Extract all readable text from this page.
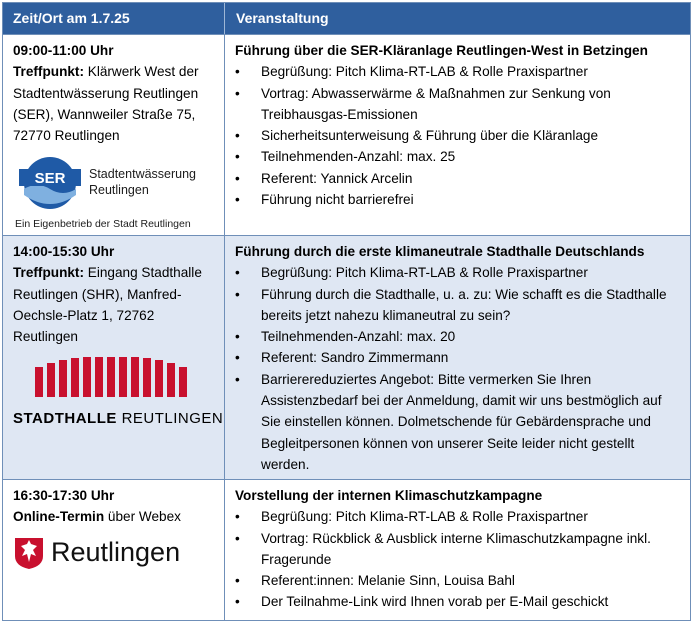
Zeit/Ort am 1.7.25	Veranstaltung
09:00-11:00 Uhr
Treffpunkt: Klärwerk West der Stadtentwässerung Reutlingen (SER), Wannweiler Straße 75, 72770 Reutlingen
SER Stadtentwässerung
Reutlingen
Ein Eigenbetrieb der Stadt Reutlingen
Führung über die SER-Kläranlage Reutlingen-West in Betzingen
• Begrüßung: Pitch Klima-RT-LAB & Rolle Praxispartner
• Vortrag: Abwasserwärme & Maßnahmen zur Senkung von Treibhausgas-Emissionen
• Sicherheitsunterweisung & Führung über die Kläranlage
• Teilnehmenden-Anzahl: max. 25
• Referent: Yannick Arcelin
• Führung nicht barrierefrei
14:00-15:30 Uhr
Treffpunkt: Eingang Stadthalle Reutlingen (SHR), Manfred-Oechsle-Platz 1, 72762 Reutlingen
STADTHALLE REUTLINGEN
Führung durch die erste klimaneutrale Stadthalle Deutschlands
• Begrüßung: Pitch Klima-RT-LAB & Rolle Praxispartner
• Führung durch die Stadthalle, u. a. zu: Wie schafft es die Stadthalle bereits jetzt nahezu klimaneutral zu sein?
• Teilnehmenden-Anzahl: max. 20
• Referent: Sandro Zimmermann
• Barrierereduziertes Angebot: Bitte vermerken Sie Ihren Assistenzbedarf bei der Anmeldung, damit wir uns bestmöglich auf Sie einstellen können. Dolmetschende für Gebärdensprache und Begleitpersonen können von unserer Seite leider nicht gestellt werden.
16:30-17:30 Uhr
Online-Termin über Webex
Reutlingen
Vorstellung der internen Klimaschutzkampagne
• Begrüßung: Pitch Klima-RT-LAB & Rolle Praxispartner
• Vortrag: Rückblick & Ausblick interne Klimaschutzkampagne inkl. Fragerunde
• Referent:innen: Melanie Sinn, Louisa Bahl
• Der Teilnahme-Link wird Ihnen vorab per E-Mail geschickt
